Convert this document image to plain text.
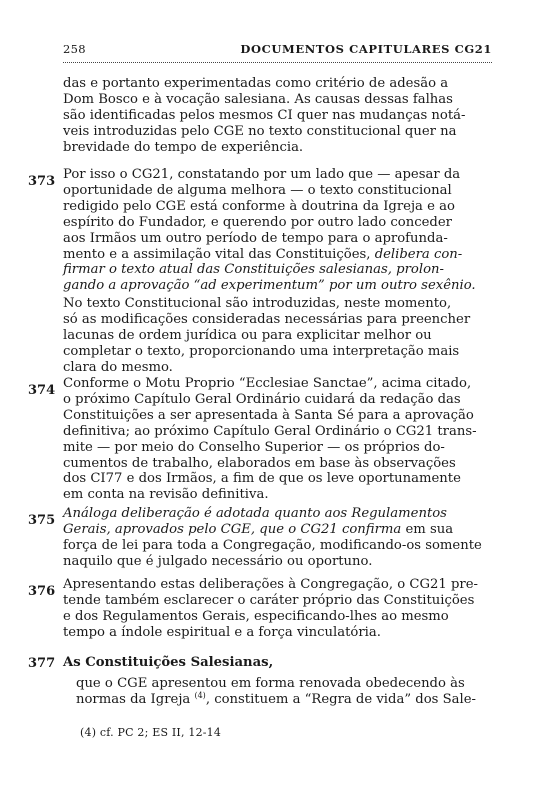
258	DOCUMENTOS CAPITULARES CG21
das e portanto experimentadas como critério de adesão a
Dom Bosco e à vocação salesiana. As causas dessas falhas
são identificadas pelos mesmos CI quer nas mudanças notá-
veis introduzidas pelo CGE no texto constitucional quer na
brevidade do tempo de experiência.
373 Por isso o CG21, constatando por um lado que — apesar da
oportunidade de alguma melhora — o texto constitucional
redigido pelo CGE está conforme à doutrina da Igreja e ao
espírito do Fundador, e querendo por outro lado conceder
aos Irmãos um outro período de tempo para o aprofunda-
mento e a assimilação vital das Constituições, delibera con-
firmar o texto atual das Constituições salesianas, prolon-
gando a aprovação “ad experimentum” por um outro sexênio.
No texto Constitucional são introduzidas, neste momento,
só as modificações consideradas necessárias para preencher
lacunas de ordem jurídica ou para explicitar melhor ou
completar o texto, proporcionando uma interpretação mais
clara do mesmo.
374 Conforme o Motu Proprio “Ecclesiae Sanctae”, acima citado,
o próximo Capítulo Geral Ordinário cuidará da redação das
Constituições a ser apresentada à Santa Sé para a aprovação
definitiva; ao próximo Capítulo Geral Ordinário o CG21 trans-
mite — por meio do Conselho Superior — os próprios do-
cumentos de trabalho, elaborados em base às observações
dos CI77 e dos Irmãos, a fim de que os leve oportunamente
em conta na revisão definitiva.
375 Análoga deliberação é adotada quanto aos Regulamentos
Gerais, aprovados pelo CGE, que o CG21 confirma em sua
força de lei para toda a Congregação, modificando-os somente
naquilo que é julgado necessário ou oportuno.
376 Apresentando estas deliberações à Congregação, o CG21 pre-
tende também esclarecer o caráter próprio das Constituições
e dos Regulamentos Gerais, especificando-lhes ao mesmo
tempo a índole espiritual e a força vinculatória.
377 As Constituições Salesianas,
que o CGE apresentou em forma renovada obedecendo às
normas da Igreja $^{(4)}$, constituem a “Regra de vida” dos Sale-
(4) cf. PC 2; ES II, 12-14
